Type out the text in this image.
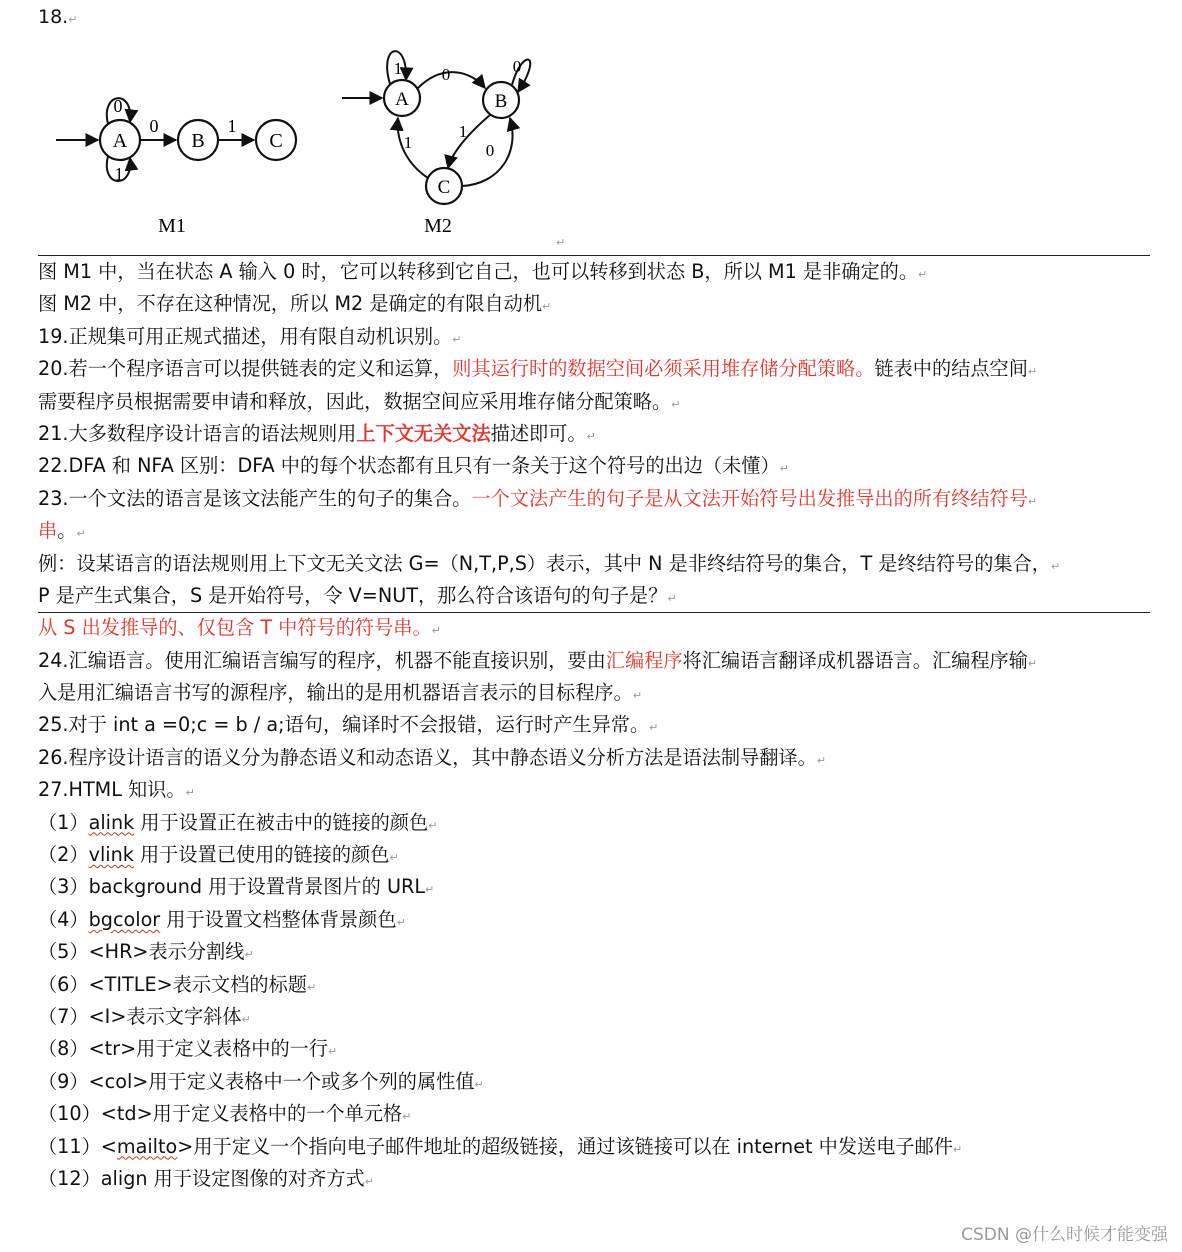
18.↵
A
0
1
0
B
1
C
M1
A
1 0
B
0
1
0
C
1
M2
↵
图 M1 中，当在状态 A 输入 0 时，它可以转移到它自己，也可以转移到状态 B，所以 M1 是非确定的。↵
图 M2 中，不存在这种情况，所以 M2 是确定的有限自动机↵
19.正规集可用正规式描述，用有限自动机识别。↵
20.若一个程序语言可以提供链表的定义和运算，则其运行时的数据空间必须采用堆存储分配策略。链表中的结点空间↵
需要程序员根据需要申请和释放，因此，数据空间应采用堆存储分配策略。↵
21.大多数程序设计语言的语法规则用上下文无关文法描述即可。↵
22.DFA 和 NFA 区别：DFA 中的每个状态都有且只有一条关于这个符号的出边（未懂）↵
23.一个文法的语言是该文法能产生的句子的集合。一个文法产生的句子是从文法开始符号出发推导出的所有终结符号↵
串。↵
例：设某语言的语法规则用上下文无关文法 G=（N,T,P,S）表示，其中 N 是非终结符号的集合，T 是终结符号的集合，↵
P 是产生式集合，S 是开始符号，令 V=NUT，那么符合该语句的句子是？↵
从 S 出发推导的、仅包含 T 中符号的符号串。↵
24.汇编语言。使用汇编语言编写的程序，机器不能直接识别，要由汇编程序将汇编语言翻译成机器语言。汇编程序输↵
入是用汇编语言书写的源程序，输出的是用机器语言表示的目标程序。↵
25.对于 int a =0;c = b / a;语句，编译时不会报错，运行时产生异常。↵
26.程序设计语言的语义分为静态语义和动态语义，其中静态语义分析方法是语法制导翻译。↵
27.HTML 知识。↵
（1）alink 用于设置正在被击中的链接的颜色↵
（2）vlink 用于设置已使用的链接的颜色↵
（3）background 用于设置背景图片的 URL↵
（4）bgcolor 用于设置文档整体背景颜色↵
（5）<HR>表示分割线↵
（6）<TITLE>表示文档的标题↵
（7）<I>表示文字斜体↵
（8）<tr>用于定义表格中的一行↵
（9）<col>用于定义表格中一个或多个列的属性值↵
（10）<td>用于定义表格中的一个单元格↵
（11）<mailto>用于定义一个指向电子邮件地址的超级链接，通过该链接可以在 internet 中发送电子邮件↵
（12）align 用于设定图像的对齐方式↵
CSDN @什么时候才能变强
